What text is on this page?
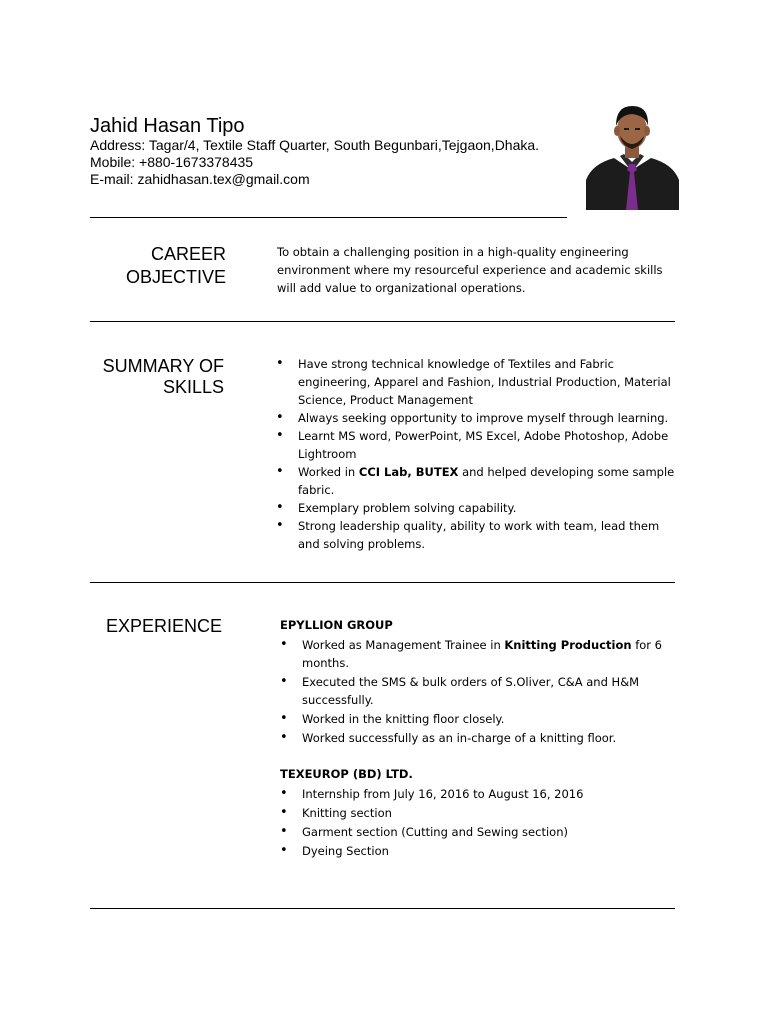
Jahid Hasan Tipo
Address: Tagar/4, Textile Staff Quarter, South Begunbari,Tejgaon,Dhaka.
Mobile: +880-1673378435
E-mail: zahidhasan.tex@gmail.com
CAREER
OBJECTIVE
To obtain a challenging position in a high-quality engineering
environment where my resourceful experience and academic skills
will add value to organizational operations.
SUMMARY OF
SKILLS
• Have strong technical knowledge of Textiles and Fabric
engineering, Apparel and Fashion, Industrial Production, Material
Science, Product Management
• Always seeking opportunity to improve myself through learning.
• Learnt MS word, PowerPoint, MS Excel, Adobe Photoshop, Adobe
Lightroom
• Worked in CCI Lab, BUTEX and helped developing some sample
fabric.
• Exemplary problem solving capability.
• Strong leadership quality, ability to work with team, lead them
and solving problems.
EXPERIENCE	EPYLLION GROUP
• Worked as Management Trainee in Knitting Production for 6
months.
• Executed the SMS & bulk orders of S.Oliver, C&A and H&M
successfully.
• Worked in the knitting floor closely.
• Worked successfully as an in-charge of a knitting floor.
TEXEUROP (BD) LTD.
• Internship from July 16, 2016 to August 16, 2016
• Knitting section
• Garment section (Cutting and Sewing section)
• Dyeing Section
